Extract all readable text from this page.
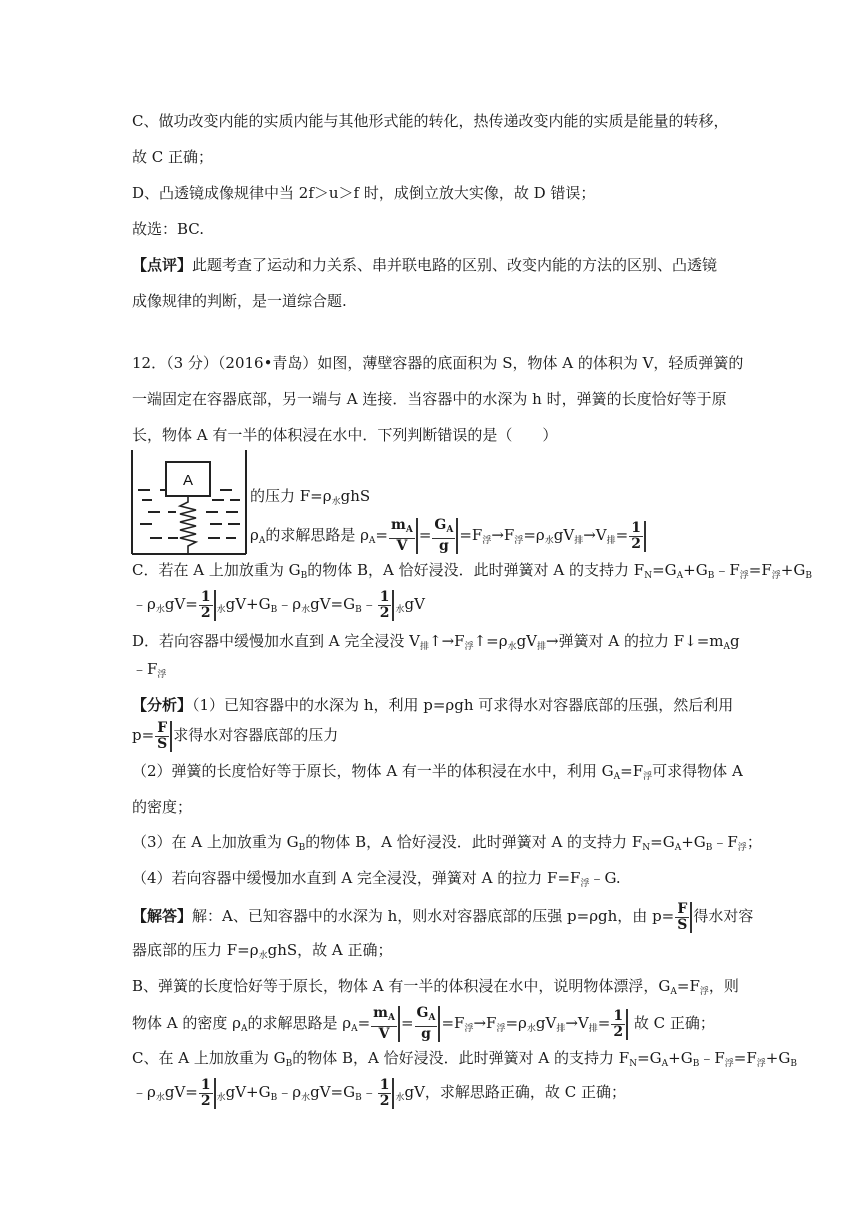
C、做功改变内能的实质内能与其他形式能的转化，热传递改变内能的实质是能量的转移，
故 C 正确；
D、凸透镜成像规律中当 2f＞u＞f 时，成倒立放大实像，故 D 错误；
故选：BC.
【点评】此题考查了运动和力关系、串并联电路的区别、改变内能的方法的区别、凸透镜
成像规律的判断，是一道综合题.
12．（3 分）（2016•青岛）如图，薄壁容器的底面积为 S，物体 A 的体积为 V，轻质弹簧的
一端固定在容器底部，另一端与 A 连接．当容器中的水深为 h 时，弹簧的长度恰好等于原
长，物体 A 有一半的体积浸在水中．下列判断错误的是（　　）
A
的压力 $F=\rho_水ghS$
$\rho_A$的求解思路是 $\rho_A= \frac{m_A}{V} = \frac{G_A}{g} =F_浮\to F_浮=\rho_水gV_排\to V_排= \frac{1}{2}$
C．若在 A 上加放重为 $G_B$的物体 B，A 恰好浸没．此时弹簧对 A 的支持力 $F_N=G_A+G_B﹣F_浮=F_浮+G_B$
$﹣\rho_水gV= \frac{1}{2}$ $_水gV+G_B﹣\rho_水gV=G_B﹣ \frac{1}{2} _水gV$
D．若向容器中缓慢加水直到 A 完全浸没 $V_排↑\to F_浮↑=\rho_水gV_排\to$弹簧对 A 的拉力 $F↓=m_Ag$
$﹣F_浮$
【分析】（1）已知容器中的水深为 h，利用 p=ρgh 可求得水对容器底部的压强，然后利用
$p= \frac{F}{S}$ 求得水对容器底部的压力
（2）弹簧的长度恰好等于原长，物体 A 有一半的体积浸在水中，利用 $G_A=F_浮$可求得物体 A
的密度；
（3）在 A 上加放重为 $G_B$的物体 B，A 恰好浸没．此时弹簧对 A 的支持力 $F_N=G_A+G_B﹣F_浮$；
（4）若向容器中缓慢加水直到 A 完全浸没，弹簧对 A 的拉力 $F=F_浮﹣G$.
【解答】解：A、已知容器中的水深为 h，则水对容器底部的压强 p=ρgh，由 $p= \frac{F}{S}$ 得水对容
器底部的压力 $F=\rho_水ghS$，故 A 正确；
B、弹簧的长度恰好等于原长，物体 A 有一半的体积浸在水中，说明物体漂浮，$G_A=F_浮$，则
物体 A 的密度 $\rho_A$的求解思路是 $\rho_A= \frac{m_A}{V} = \frac{G_A}{g} =F_浮\to F_浮=\rho_水gV_排\to V_排= \frac{1}{2}$ 故 C 正确；
C、在 A 上加放重为 $G_B$的物体 B，A 恰好浸没．此时弹簧对 A 的支持力 $F_N=G_A+G_B﹣F_浮=F_浮+G_B$
$﹣\rho_水gV= \frac{1}{2}$ $_水gV+G_B﹣\rho_水gV=G_B﹣ \frac{1}{2} _水gV$，求解思路正确，故 C 正确；
